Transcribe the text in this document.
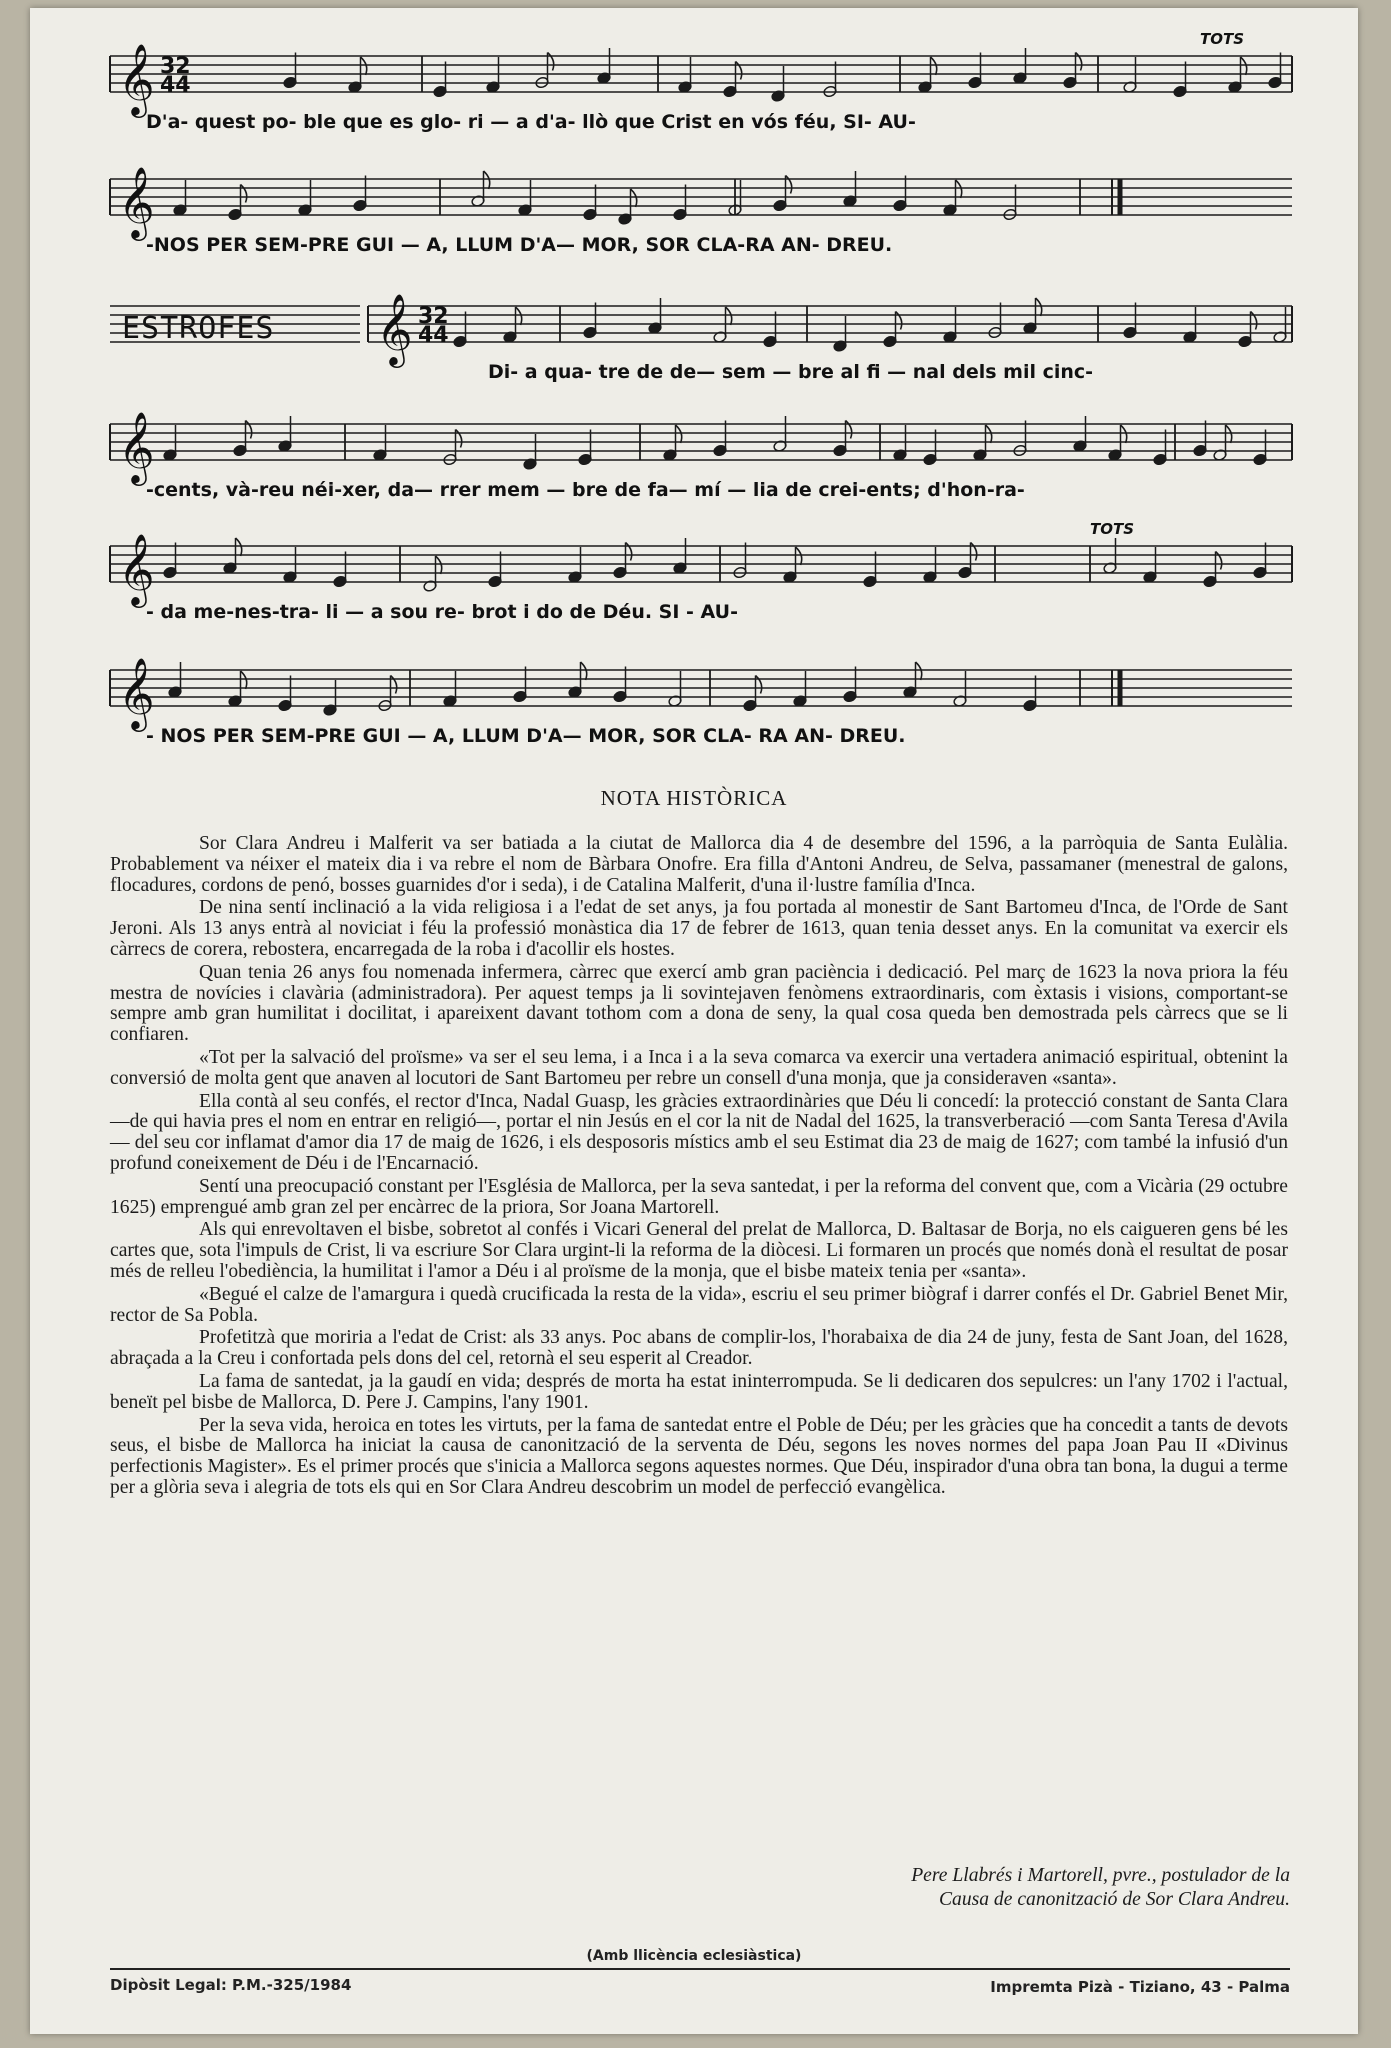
𝄞 32
44
D'a- quest po- ble que es glo- ri — a d'a- llò que Crist en vós féu, SI- AU-
TOTS
𝄞
-NOS PER SEM-PRE GUI — A, LLUM D'A— MOR, SOR CLA-RA AN- DREU.
𝄞 32
44
Di- a qua- tre de de— sem — bre al fi — nal dels mil cinc-
ESTROFES
𝄞
-cents, và-reu néi-xer, da— rrer mem — bre de fa— mí — lia de crei-ents; d'hon-ra-
𝄞
- da me-nes-tra- li — a sou re- brot i do de Déu. SI - AU-
TOTS
𝄞
- NOS PER SEM-PRE GUI — A, LLUM D'A— MOR, SOR CLA- RA AN- DREU.
NOTA HISTÒRICA

Sor Clara Andreu i Malferit va ser batiada a la ciutat de Mallorca dia 4 de desembre del 1596, a la parròquia de Santa Eulàlia. Probablement va néixer el mateix dia i va rebre el nom de Bàrbara Onofre. Era filla d'Antoni Andreu, de Selva, passamaner (menestral de galons, flocadures, cordons de penó, bosses guarnides d'or i seda), i de Catalina Malferit, d'una il·lustre família d'Inca.

De nina sentí inclinació a la vida religiosa i a l'edat de set anys, ja fou portada al monestir de Sant Bartomeu d'Inca, de l'Orde de Sant Jeroni. Als 13 anys entrà al noviciat i féu la professió monàstica dia 17 de febrer de 1613, quan tenia desset anys. En la comunitat va exercir els càrrecs de corera, rebostera, encarregada de la roba i d'acollir els hostes.

Quan tenia 26 anys fou nomenada infermera, càrrec que exercí amb gran paciència i dedicació. Pel març de 1623 la nova priora la féu mestra de novícies i clavària (administradora). Per aquest temps ja li sovintejaven fenòmens extraordinaris, com èxtasis i visions, comportant-se sempre amb gran humilitat i docilitat, i apareixent davant tothom com a dona de seny, la qual cosa queda ben demostrada pels càrrecs que se li confiaren.

«Tot per la salvació del proïsme» va ser el seu lema, i a Inca i a la seva comarca va exercir una vertadera animació espiritual, obtenint la conversió de molta gent que anaven al locutori de Sant Bartomeu per rebre un consell d'una monja, que ja consideraven «santa».

Ella contà al seu confés, el rector d'Inca, Nadal Guasp, les gràcies extraordinàries que Déu li concedí: la protecció constant de Santa Clara —de qui havia pres el nom en entrar en religió—, portar el nin Jesús en el cor la nit de Nadal del 1625, la transverberació —com Santa Teresa d'Avila— del seu cor inflamat d'amor dia 17 de maig de 1626, i els desposoris místics amb el seu Estimat dia 23 de maig de 1627; com també la infusió d'un profund coneixement de Déu i de l'Encarnació.

Sentí una preocupació constant per l'Església de Mallorca, per la seva santedat, i per la reforma del convent que, com a Vicària (29 octubre 1625) emprengué amb gran zel per encàrrec de la priora, Sor Joana Martorell.

Als qui enrevoltaven el bisbe, sobretot al confés i Vicari General del prelat de Mallorca, D. Baltasar de Borja, no els caigueren gens bé les cartes que, sota l'impuls de Crist, li va escriure Sor Clara urgint-li la reforma de la diòcesi. Li formaren un procés que només donà el resultat de posar més de relleu l'obediència, la humilitat i l'amor a Déu i al proïsme de la monja, que el bisbe mateix tenia per «santa».

«Begué el calze de l'amargura i quedà crucificada la resta de la vida», escriu el seu primer biògraf i darrer confés el Dr. Gabriel Benet Mir, rector de Sa Pobla.

Profetitzà que moriria a l'edat de Crist: als 33 anys. Poc abans de complir-los, l'horabaixa de dia 24 de juny, festa de Sant Joan, del 1628, abraçada a la Creu i confortada pels dons del cel, retornà el seu esperit al Creador.

La fama de santedat, ja la gaudí en vida; després de morta ha estat ininterrompuda. Se li dedicaren dos sepulcres: un l'any 1702 i l'actual, beneït pel bisbe de Mallorca, D. Pere J. Campins, l'any 1901.

Per la seva vida, heroica en totes les virtuts, per la fama de santedat entre el Poble de Déu; per les gràcies que ha concedit a tants de devots seus, el bisbe de Mallorca ha iniciat la causa de canonització de la serventa de Déu, segons les noves normes del papa Joan Pau II «Divinus perfectionis Magister». Es el primer procés que s'inicia a Mallorca segons aquestes normes. Que Déu, inspirador d'una obra tan bona, la dugui a terme per a glòria seva i alegria de tots els qui en Sor Clara Andreu descobrim un model de perfecció evangèlica.

Pere Llabrés i Martorell, pvre., postulador de la
Causa de canonització de Sor Clara Andreu.
(Amb llicència eclesiàstica)
Dipòsit Legal: P.M.-325/1984	Impremta Pizà - Tiziano, 43 - Palma
